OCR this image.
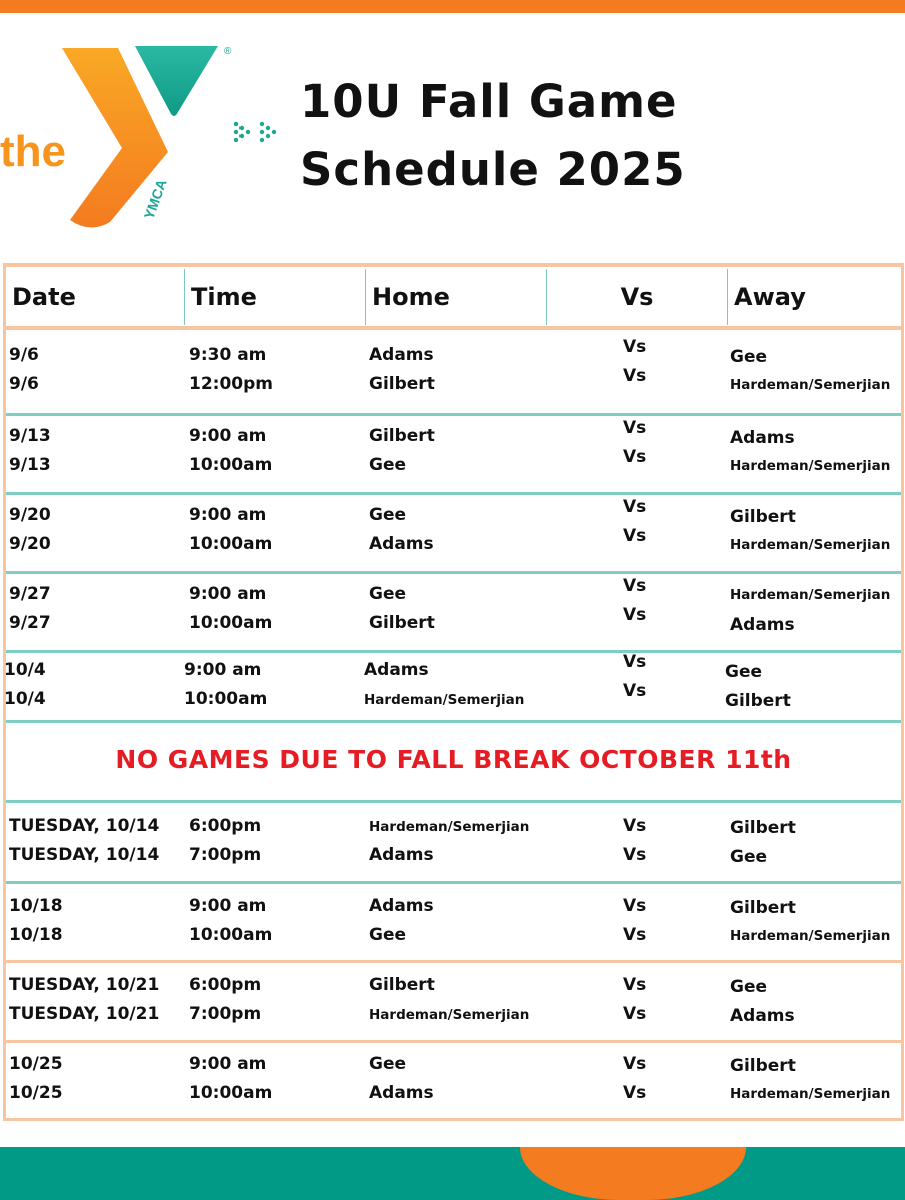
the
YMCA
®
10U Fall Game
Schedule 2025
Date	Time	Home	Vs	Away
9/6	9:30 am	Adams	Vs	Gee
9/6	12:00pm	Gilbert	Vs	Hardeman/Semerjian
9/13	9:00 am	Gilbert	Vs	Adams
9/13	10:00am	Gee	Vs	Hardeman/Semerjian
9/20	9:00 am	Gee	Vs	Gilbert
9/20	10:00am	Adams	Vs	Hardeman/Semerjian
9/27	9:00 am	Gee	Vs	Hardeman/Semerjian
9/27	10:00am	Gilbert	Vs	Adams
10/4	9:00 am	Adams	Vs	Gee
10/4	10:00am	Hardeman/Semerjian	Vs	Gilbert
TUESDAY, 10/14 6:00pm	Hardeman/Semerjian	Vs	Gilbert
TUESDAY, 10/14 7:00pm	Adams	Vs	Gee
10/18	9:00 am	Adams	Vs	Gilbert
10/18	10:00am	Gee	Vs	Hardeman/Semerjian
TUESDAY, 10/21 6:00pm	Gilbert	Vs	Gee
TUESDAY, 10/21 7:00pm	Hardeman/Semerjian	Vs	Adams
10/25	9:00 am	Gee	Vs	Gilbert
10/25	10:00am	Adams	Vs	Hardeman/Semerjian
NO GAMES DUE TO FALL BREAK OCTOBER 11th
